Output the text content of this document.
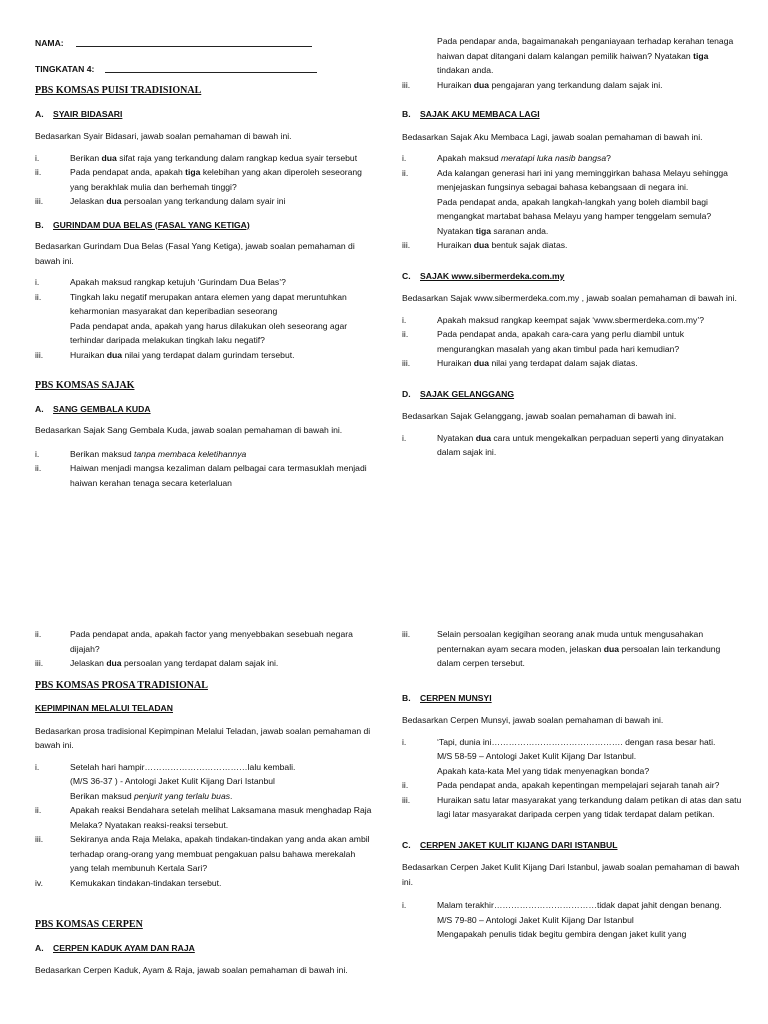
NAMA:
TINGKATAN 4:

PBS KOMSAS PUISI TRADISIONAL

A. SYAIR BIDASARI

Bedasarkan Syair Bidasari, jawab soalan pemahaman di bawah ini.

i.	Berikan dua sifat raja yang terkandung dalam rangkap kedua syair tersebut
ii.	Pada pendapat anda, apakah tiga kelebihan yang akan diperoleh seseorang yang berakhlak mulia dan berhemah tinggi?
iii.	Jelaskan dua persoalan yang terkandung dalam syair ini

B. GURINDAM DUA BELAS (FASAL YANG KETIGA)

Bedasarkan Gurindam Dua Belas (Fasal Yang Ketiga), jawab soalan pemahaman di bawah ini.

i.	Apakah maksud rangkap ketujuh ‘Gurindam Dua Belas’?
ii.	Tingkah laku negatif merupakan antara elemen yang dapat meruntuhkan keharmonian masyarakat dan keperibadian seseorang
Pada pendapat anda, apakah yang harus dilakukan oleh seseorang agar terhindar daripada melakukan tingkah laku negatif?
iii.	Huraikan dua nilai yang terdapat dalam gurindam tersebut.

PBS KOMSAS SAJAK

A. SANG GEMBALA KUDA

Bedasarkan Sajak Sang Gembala Kuda, jawab soalan pemahaman di bawah ini.

i.	Berikan maksud tanpa membaca keletihannya
ii.	Haiwan menjadi mangsa kezaliman dalam pelbagai cara termasuklah menjadi haiwan kerahan tenaga secara keterlaluan
Pada pendapar anda, bagaimanakah penganiayaan terhadap kerahan tenaga haiwan dapat ditangani dalam kalangan pemilik haiwan? Nyatakan tiga tindakan anda.
iii.	Huraikan dua pengajaran yang terkandung dalam sajak ini.

B. SAJAK AKU MEMBACA LAGI

Bedasarkan Sajak Aku Membaca Lagi, jawab soalan pemahaman di bawah ini.

i.	Apakah maksud meratapi luka nasib bangsa?
ii.	Ada kalangan generasi hari ini yang meminggirkan bahasa Melayu sehingga menjejaskan fungsinya sebagai bahasa kebangsaan di negara ini.
Pada pendapat anda, apakah langkah-langkah yang boleh diambil bagi mengangkat martabat bahasa Melayu yang hamper tenggelam semula? Nyatakan tiga saranan anda.
iii.	Huraikan dua bentuk sajak diatas.

C. SAJAK www.sibermerdeka.com.my

Bedasarkan Sajak www.sibermerdeka.com.my , jawab soalan pemahaman di bawah ini.

i.	Apakah maksud rangkap keempat sajak ‘www.sbermerdeka.com.my’?
ii.	Pada pendapat anda, apakah cara-cara yang perlu diambil untuk mengurangkan masalah yang akan timbul pada hari kemudian?
iii.	Huraikan dua nilai yang terdapat dalam sajak diatas.

D. SAJAK GELANGGANG

Bedasarkan Sajak Gelanggang, jawab soalan pemahaman di bawah ini.

i.	Nyatakan dua cara untuk mengekalkan perpaduan seperti yang dinyatakan dalam sajak ini.
ii.	Pada pendapat anda, apakah factor yang menyebbakan sesebuah negara dijajah?
iii.	Jelaskan dua persoalan yang terdapat dalam sajak ini.

PBS KOMSAS PROSA TRADISIONAL

KEPIMPINAN MELALUI TELADAN

Bedasarkan prosa tradisional Kepimpinan Melalui Teladan, jawab soalan pemahaman di bawah ini.

i.	Setelah hari hampir………………………………lalu kembali.
(M/S 36-37 ) - Antologi Jaket Kulit Kijang Dari Istanbul
Berikan maksud penjurit yang terlalu buas.
ii.	Apakah reaksi Bendahara setelah melihat Laksamana masuk menghadap Raja Melaka? Nyatakan reaksi-reaksi tersebut.
iii.	Sekiranya anda Raja Melaka, apakah tindakan-tindakan yang anda akan ambil terhadap orang-orang yang membuat pengakuan palsu bahawa merekalah yang telah membunuh Kertala Sari?
iv.	Kemukakan tindakan-tindakan tersebut.

PBS KOMSAS CERPEN

A. CERPEN KADUK AYAM DAN RAJA

Bedasarkan Cerpen Kaduk, Ayam & Raja, jawab soalan pemahaman di bawah ini.

iii.	Selain persoalan kegigihan seorang anak muda untuk mengusahakan penternakan ayam secara moden, jelaskan dua persoalan lain terkandung dalam cerpen tersebut.

B. CERPEN MUNSYI

Bedasarkan Cerpen Munsyi, jawab soalan pemahaman di bawah ini.

i.	‘Tapi, dunia ini………………………………………. dengan rasa besar hati.
M/S 58-59 – Antologi Jaket Kulit Kijang Dar Istanbul.
Apakah kata-kata Mel yang tidak menyenagkan bonda?
ii.	Pada pendapat anda, apakah kepentingan mempelajari sejarah tanah air?
iii.	Huraikan satu latar masyarakat yang terkandung dalam petikan di atas dan satu lagi latar masyarakat daripada cerpen yang tidak terdapat dalam petikan.

C. CERPEN JAKET KULIT KIJANG DARI ISTANBUL

Bedasarkan Cerpen Jaket Kulit Kijang Dari Istanbul, jawab soalan pemahaman di bawah ini.

i.	Malam terakhir………………………………tidak dapat jahit dengan benang.
M/S 79-80 – Antologi Jaket Kulit Kijang Dar Istanbul
Mengapakah penulis tidak begitu gembira dengan jaket kulit yang
